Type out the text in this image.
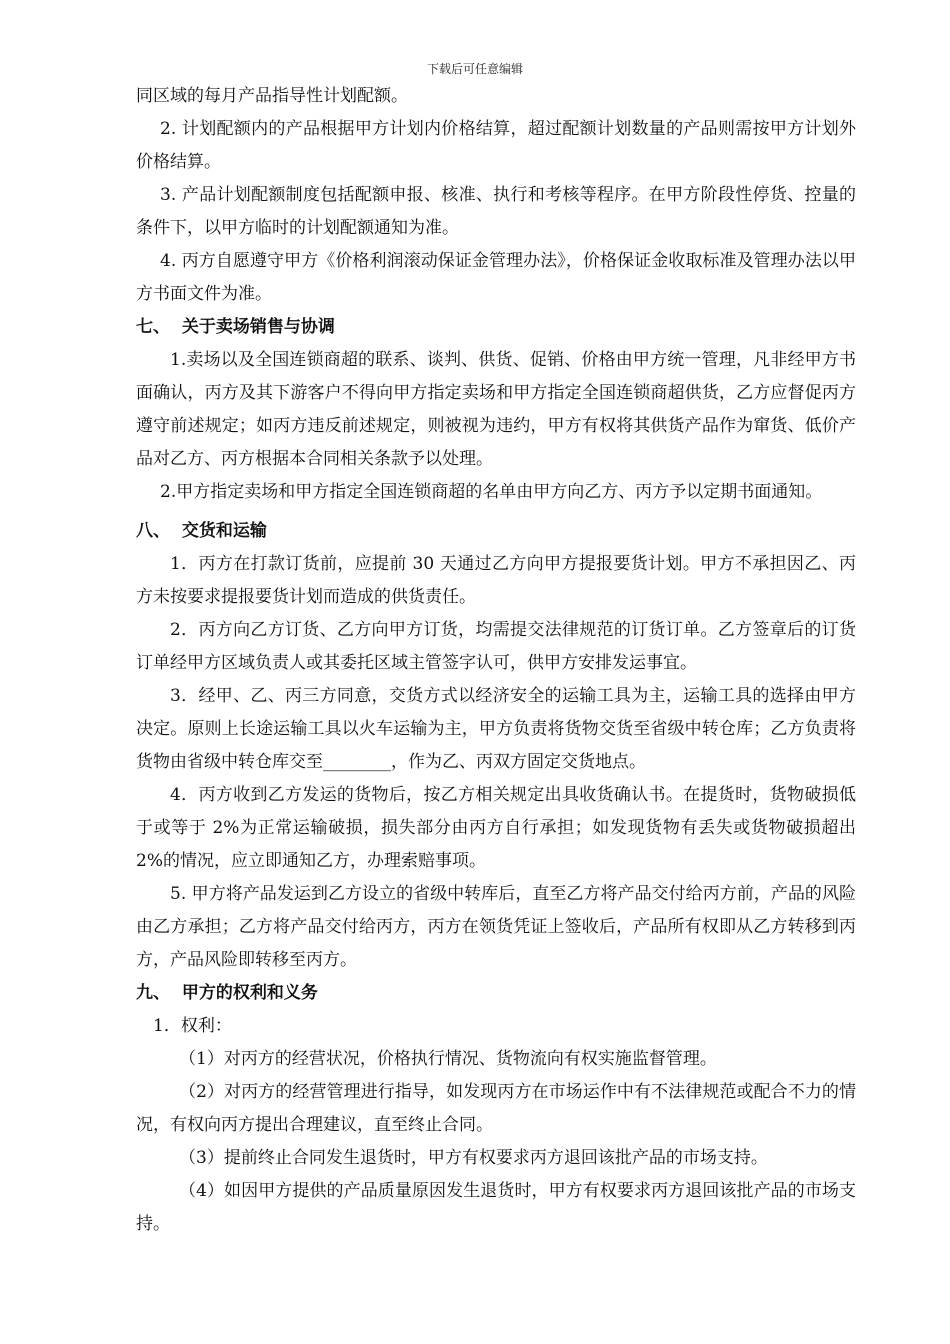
下载后可任意编辑

同区域的每月产品指导性计划配额。

2. 计划配额内的产品根据甲方计划内价格结算，超过配额计划数量的产品则需按甲方计划外价格结算。

3. 产品计划配额制度包括配额申报、核准、执行和考核等程序。在甲方阶段性停货、控量的条件下，以甲方临时的计划配额通知为准。

4. 丙方自愿遵守甲方《价格利润滚动保证金管理办法》，价格保证金收取标准及管理办法以甲方书面文件为准。

七、  关于卖场销售与协调

1.卖场以及全国连锁商超的联系、谈判、供货、促销、价格由甲方统一管理，凡非经甲方书面确认，丙方及其下游客户不得向甲方指定卖场和甲方指定全国连锁商超供货，乙方应督促丙方遵守前述规定；如丙方违反前述规定，则被视为违约，甲方有权将其供货产品作为窜货、低价产品对乙方、丙方根据本合同相关条款予以处理。

2.甲方指定卖场和甲方指定全国连锁商超的名单由甲方向乙方、丙方予以定期书面通知。

八、  交货和运输

1．丙方在打款订货前，应提前 30 天通过乙方向甲方提报要货计划。甲方不承担因乙、丙方未按要求提报要货计划而造成的供货责任。

2．丙方向乙方订货、乙方向甲方订货，均需提交法律规范的订货订单。乙方签章后的订货订单经甲方区域负责人或其委托区域主管签字认可，供甲方安排发运事宜。

3．经甲、乙、丙三方同意，交货方式以经济安全的运输工具为主，运输工具的选择由甲方决定。原则上长途运输工具以火车运输为主，甲方负责将货物交货至省级中转仓库；乙方负责将货物由省级中转仓库交至________，作为乙、丙双方固定交货地点。

4．丙方收到乙方发运的货物后，按乙方相关规定出具收货确认书。在提货时，货物破损低于或等于 2%为正常运输破损，损失部分由丙方自行承担；如发现货物有丢失或货物破损超出 2%的情况，应立即通知乙方，办理索赔事项。

5. 甲方将产品发运到乙方设立的省级中转库后，直至乙方将产品交付给丙方前，产品的风险由乙方承担；乙方将产品交付给丙方，丙方在领货凭证上签收后，产品所有权即从乙方转移到丙方，产品风险即转移至丙方。

九、  甲方的权利和义务

1．权利：

（1）对丙方的经营状况，价格执行情况、货物流向有权实施监督管理。

（2）对丙方的经营管理进行指导，如发现丙方在市场运作中有不法律规范或配合不力的情况，有权向丙方提出合理建议，直至终止合同。

（3）提前终止合同发生退货时，甲方有权要求丙方退回该批产品的市场支持。

（4）如因甲方提供的产品质量原因发生退货时，甲方有权要求丙方退回该批产品的市场支持。
